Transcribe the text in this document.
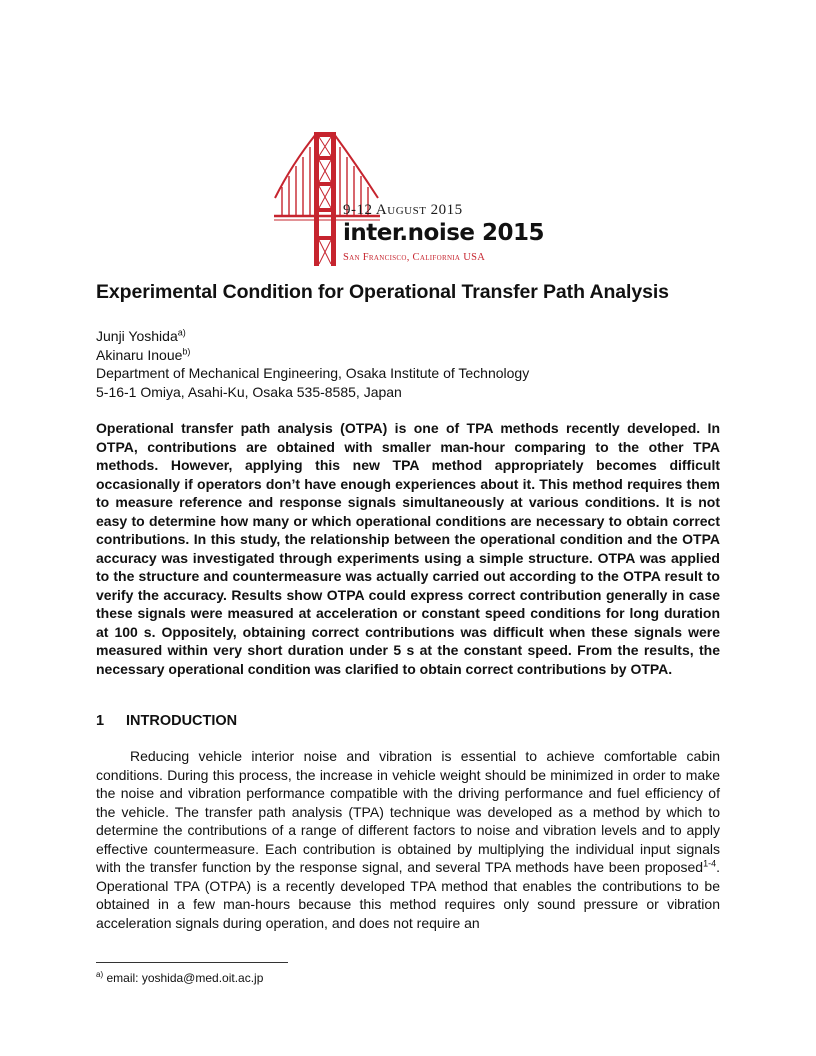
9-12 August 2015
inter.noise 2015
San Francisco, California USA
Experimental Condition for Operational Transfer Path Analysis
Junji Yoshida$^{a)}$
Akinaru Inoue$^{b)}$
Department of Mechanical Engineering, Osaka Institute of Technology
5-16-1 Omiya, Asahi-Ku, Osaka 535-8585, Japan

Operational transfer path analysis (OTPA) is one of TPA methods recently developed. In OTPA, contributions are obtained with smaller man-hour comparing to the other TPA methods. However, applying this new TPA method appropriately becomes difficult occasionally if operators don’t have enough experiences about it. This method requires them to measure reference and response signals simultaneously at various conditions. It is not easy to determine how many or which operational conditions are necessary to obtain correct contributions. In this study, the relationship between the operational condition and the OTPA accuracy was investigated through experiments using a simple structure. OTPA was applied to the structure and countermeasure was actually carried out according to the OTPA result to verify the accuracy. Results show OTPA could express correct contribution generally in case these signals were measured at acceleration or constant speed conditions for long duration at 100 s. Oppositely, obtaining correct contributions was difficult when these signals were measured within very short duration under 5 s at the constant speed. From the results, the necessary operational condition was clarified to obtain correct contributions by OTPA.

1 INTRODUCTION

Reducing vehicle interior noise and vibration is essential to achieve comfortable cabin conditions. During this process, the increase in vehicle weight should be minimized in order to make the noise and vibration performance compatible with the driving performance and fuel efficiency of the vehicle. The transfer path analysis (TPA) technique was developed as a method by which to determine the contributions of a range of different factors to noise and vibration levels and to apply effective countermeasure. Each contribution is obtained by multiplying the individual input signals with the transfer function by the response signal, and several TPA methods have been proposed$^{1-4}$. Operational TPA (OTPA) is a recently developed TPA method that enables the contributions to be obtained in a few man-hours because this method requires only sound pressure or vibration acceleration signals during operation, and does not require an

$^{a)}$ email: yoshida@med.oit.ac.jp
